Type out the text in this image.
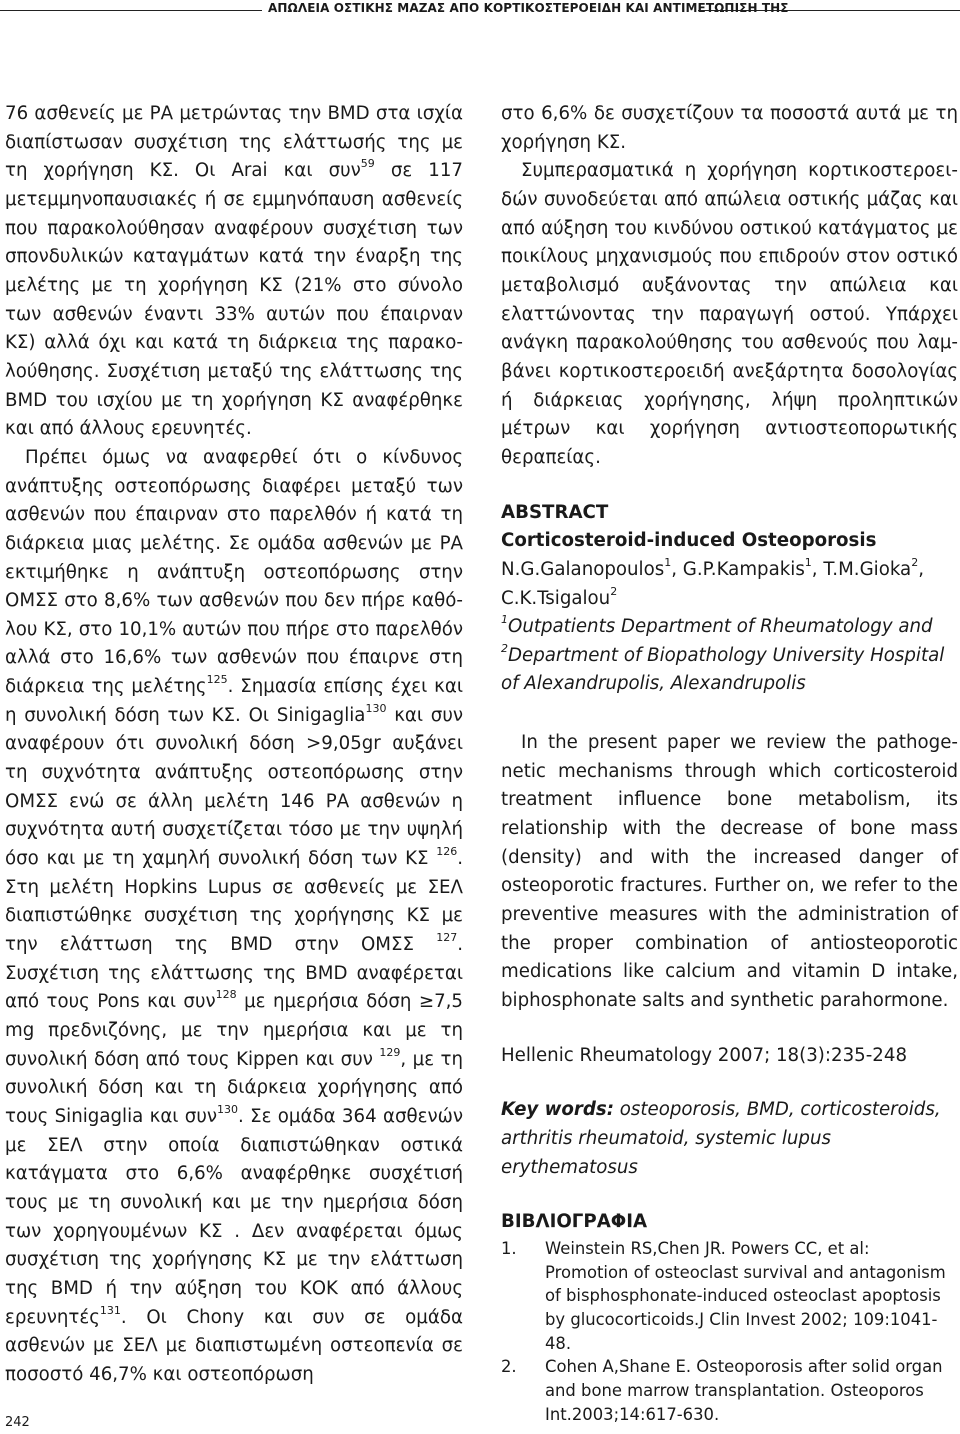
ΑΠΩΛΕΙΑ ΟΣΤΙΚΗΣ ΜΑΖΑΣ ΑΠΟ ΚΟΡΤΙΚΟΣΤΕΡΟΕΙΔΗ ΚΑΙ ΑΝΤΙΜΕΤΩΠΙΣΗ ΤΗΣ

76 ασθενείς με ΡΑ μετρώντας την BMD στα ισχία διαπίστωσαν συσχέτιση της ελάττωσής της με τη χορήγηση ΚΣ. Οι Arai και συν$^{59}$ σε 117 μετεμμηνοπαυσιακές ή σε εμμηνόπαυση ασθενείς που παρακολούθησαν αναφέρουν συσχέτιση των σπονδυλικών καταγμάτων κατά την έναρξη της μελέτης με τη χορήγηση ΚΣ (21% στο σύνολο των ασθενών έναντι 33% αυτών που έπαιρναν ΚΣ) αλλά όχι και κατά τη διάρκεια της παρακολούθησης. Συσχέτιση μεταξύ της ελάττωσης της BMD του ισχίου με τη χορήγηση ΚΣ αναφέρθηκε και από άλλους ερευνητές.

Πρέπει όμως να αναφερθεί ότι ο κίνδυνος ανάπτυξης οστεοπόρωσης διαφέρει μεταξύ των ασθενών που έπαιρναν στο παρελθόν ή κατά τη διάρκεια μιας μελέτης. Σε ομάδα ασθενών με ΡΑ εκτιμήθηκε η ανάπτυξη οστεοπόρωσης στην ΟΜΣΣ στο 8,6% των ασθενών που δεν πήρε καθόλου ΚΣ, στο 10,1% αυτών που πήρε στο παρελθόν αλλά στο 16,6% των ασθενών που έπαιρνε στη διάρκεια της μελέτης$^{125}$. Σημασία επίσης έχει και η συνολική δόση των ΚΣ. Οι Sinigaglia$^{130}$ και συν αναφέρουν ότι συνολική δόση >9,05gr αυξάνει τη συχνότητα ανάπτυξης οστεοπόρωσης στην ΟΜΣΣ ενώ σε άλλη μελέτη 146 ΡΑ ασθενών η συχνότητα αυτή συσχετίζεται τόσο με την υψηλή όσο και με τη χαμηλή συνολική δόση των ΚΣ $^{126}$. Στη μελέτη Hopkins Lupus σε ασθενείς με ΣΕΛ διαπιστώθηκε συσχέτιση της χορήγησης ΚΣ με την ελάττωση της BMD στην ΟΜΣΣ $^{127}$. Συσχέτιση της ελάττωσης της BMD αναφέρεται από τους Pons και συν$^{128}$ με ημερήσια δόση ≥7,5 mg πρεδνιζόνης, με την ημερήσια και με τη συνολική δόση από τους Kippen και συν $^{129}$, με τη συνολική δόση και τη διάρκεια χορήγησης από τους Sinigaglia και συν$^{130}$. Σε ομάδα 364 ασθενών με ΣΕΛ στην οποία διαπιστώθηκαν οστικά κατάγματα στο 6,6% αναφέρθηκε συσχέτισή τους με τη συνολική και με την ημερήσια δόση των χορηγουμένων ΚΣ . Δεν αναφέρεται όμως συσχέτιση της χορήγησης ΚΣ με την ελάττωση της BMD ή την αύξηση του ΚΟΚ από άλλους ερευνητές$^{131}$. Οι Chony και συν σε ομάδα ασθενών με ΣΕΛ με διαπιστωμένη οστεοπενία σε ποσοστό 46,7% και οστεοπόρωση

στο 6,6% δε συσχετίζουν τα ποσοστά αυτά με τη χορήγηση ΚΣ.

Συμπερασματικά η χορήγηση κορτικοστεροειδών συνοδεύεται από απώλεια οστικής μάζας και από αύξηση του κινδύνου οστικού κατάγματος με ποικίλους μηχανισμούς που επιδρούν στον οστικό μεταβολισμό αυξάνοντας την απώλεια και ελαττώνοντας την παραγωγή οστού. Υπάρχει ανάγκη παρακολούθησης του ασθενούς που λαμβάνει κορτικοστεροειδή ανεξάρτητα δοσολογίας ή διάρκειας χορήγησης, λήψη προληπτικών μέτρων και χορήγηση αντιοστεοπορωτικής θεραπείας.

ABSTRACT

Corticosteroid-induced Osteoporosis

N.G.Galanopoulos$^1$, G.P.Kampakis$^1$, T.M.Gioka$^2$, C.K.Tsigalou$^2$

$^1$Outpatients Department of Rheumatology and

$^2$Department of Biopathology University Hospital of Alexandrupolis, Alexandrupolis

In the present paper we review the pathogenetic mechanisms through which corticosteroid treatment influence bone metabolism, its relationship with the decrease of bone mass (density) and with the increased danger of osteoporotic fractures. Further on, we refer to the preventive measures with the administration of the proper combination of antiosteoporotic medications like calcium and vitamin D intake, biphosphonate salts and synthetic parahormone.

Hellenic Rheumatology 2007; 18(3):235-248

Key words: osteoporosis, BMD, corticosteroids, arthritis rheumatoid, systemic lupus erythematosus

ΒΙΒΛΙΟΓΡΑΦΙΑ

1. Weinstein RS,Chen JR. Powers CC, et al: Promotion of osteoclast survival and antagonism of bisphosphonate-induced osteoclast apoptosis by glucocorticoids.J Clin Invest 2002; 109:1041-48.

2. Cohen A,Shane E. Osteoporosis after solid organ and bone marrow transplantation. Osteoporos Int.2003;14:617-630.

242
